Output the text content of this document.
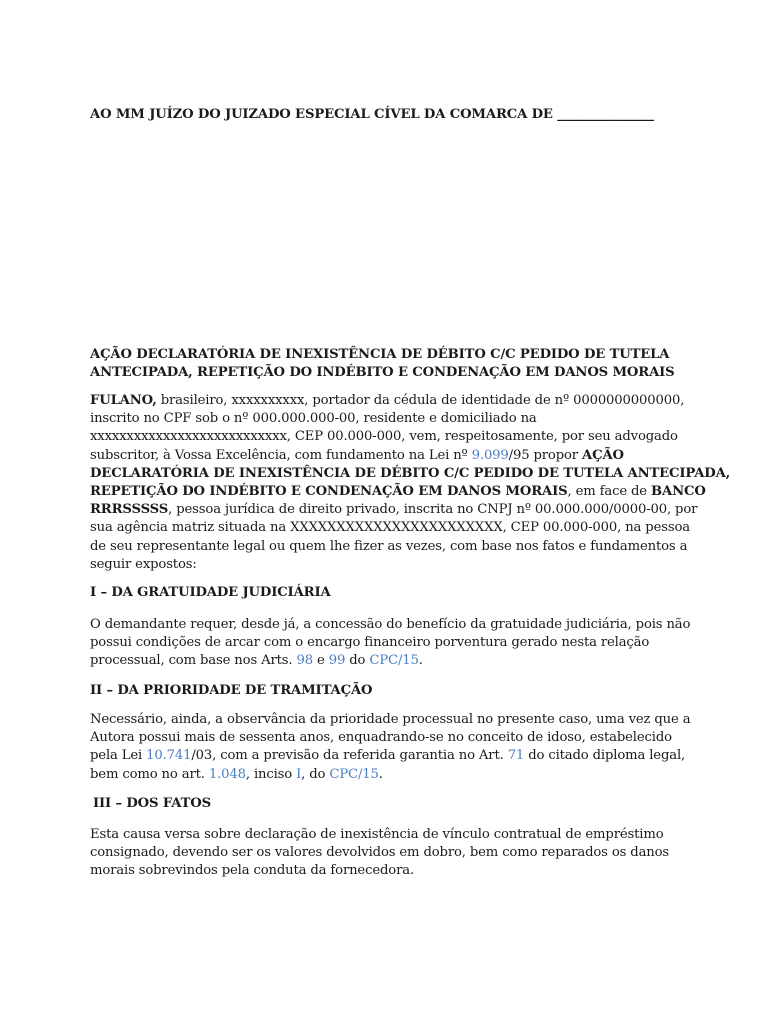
AO MM JUÍZO DO JUIZADO ESPECIAL CÍVEL DA COMARCA DE _______________
AÇÃO DECLARATÓRIA DE INEXISTÊNCIA DE DÉBITO C/C PEDIDO DE TUTELA
ANTECIPADA, REPETIÇÃO DO INDÉBITO E CONDENAÇÃO EM DANOS MORAIS
FULANO, brasileiro, xxxxxxxxxx, portador da cédula de identidade de nº 0000000000000,
inscrito no CPF sob o nº 000.000.000-00, residente e domiciliado na
xxxxxxxxxxxxxxxxxxxxxxxxxxx, CEP 00.000-000, vem, respeitosamente, por seu advogado
subscritor, à Vossa Excelência, com fundamento na Lei nº 9.099/95 propor AÇÃO
DECLARATÓRIA DE INEXISTÊNCIA DE DÉBITO C/C PEDIDO DE TUTELA ANTECIPADA,
REPETIÇÃO DO INDÉBITO E CONDENAÇÃO EM DANOS MORAIS, em face de BANCO
RRRSSSSS, pessoa jurídica de direito privado, inscrita no CNPJ nº 00.000.000/0000-00, por
sua agência matriz situada na XXXXXXXXXXXXXXXXXXXXXXX, CEP 00.000-000, na pessoa
de seu representante legal ou quem lhe fizer as vezes, com base nos fatos e fundamentos a
seguir expostos:
I – DA GRATUIDADE JUDICIÁRIA
O demandante requer, desde já, a concessão do benefício da gratuidade judiciária, pois não
possui condições de arcar com o encargo financeiro porventura gerado nesta relação
processual, com base nos Arts. 98 e 99 do CPC/15.
II – DA PRIORIDADE DE TRAMITAÇÃO
Necessário, ainda, a observância da prioridade processual no presente caso, uma vez que a
Autora possui mais de sessenta anos, enquadrando-se no conceito de idoso, estabelecido
pela Lei 10.741/03, com a previsão da referida garantia no Art. 71 do citado diploma legal,
bem como no art. 1.048, inciso I, do CPC/15.
III – DOS FATOS
Esta causa versa sobre declaração de inexistência de vínculo contratual de empréstimo
consignado, devendo ser os valores devolvidos em dobro, bem como reparados os danos
morais sobrevindos pela conduta da fornecedora.
